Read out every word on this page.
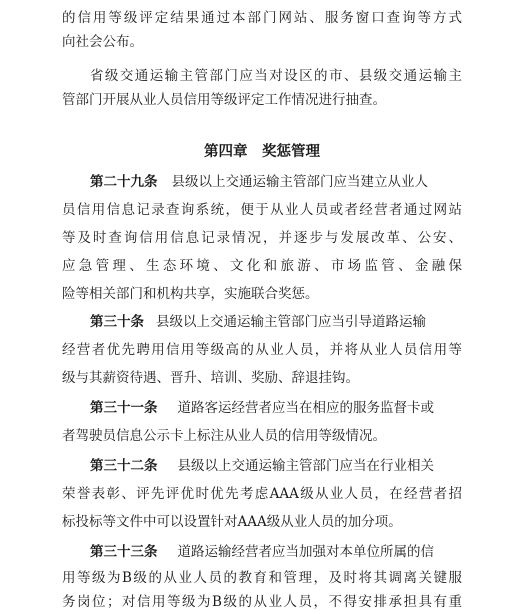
的信用等级评定结果通过本部门网站、服务窗口查询等方式
向社会公布。
省级交通运输主管部门应当对设区的市、县级交通运输主
管部门开展从业人员信用等级评定工作情况进行抽查。
第四章　奖惩管理
第二十九条 县级以上交通运输主管部门应当建立从业人
员信用信息记录查询系统，便于从业人员或者经营者通过网站
等及时查询信用信息记录情况，并逐步与发展改革、公安、
应急管理、生态环境、文化和旅游、市场监管、金融保
险等相关部门和机构共享，实施联合奖惩。
第三十条 县级以上交通运输主管部门应当引导道路运输
经营者优先聘用信用等级高的从业人员，并将从业人员信用等
级与其薪资待遇、晋升、培训、奖励、辞退挂钩。
第三十一条 道路客运经营者应当在相应的服务监督卡或
者驾驶员信息公示卡上标注从业人员的信用等级情况。
第三十二条 县级以上交通运输主管部门应当在行业相关
荣誉表彰、评先评优时优先考虑AAA级从业人员，在经营者招
标投标等文件中可以设置针对AAA级从业人员的加分项。
第三十三条 道路运输经营者应当加强对本单位所属的信
用等级为B级的从业人员的教育和管理，及时将其调离关键服
务岗位；对信用等级为B级的从业人员，不得安排承担具有重
